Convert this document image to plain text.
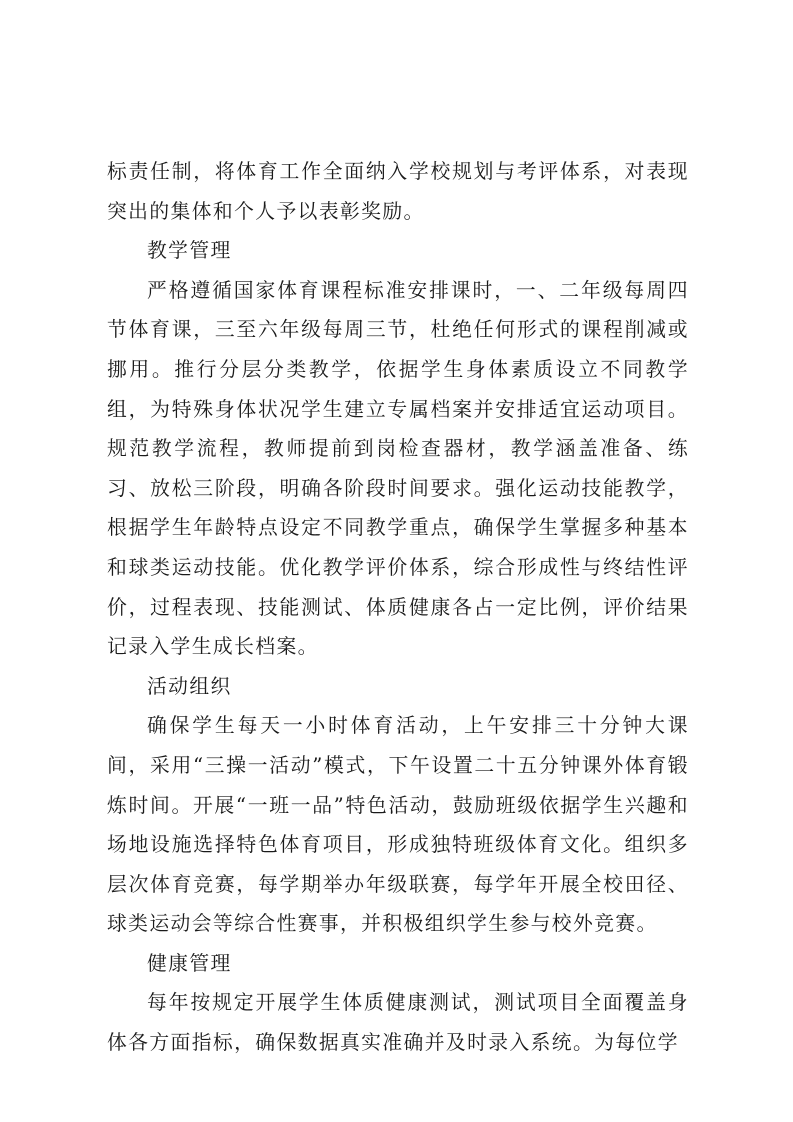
标责任制，将体育工作全面纳入学校规划与考评体系，对表现突出的集体和个人予以表彰奖励。

教学管理

严格遵循国家体育课程标准安排课时，一、二年级每周四节体育课，三至六年级每周三节，杜绝任何形式的课程削减或挪用。推行分层分类教学，依据学生身体素质设立不同教学组，为特殊身体状况学生建立专属档案并安排适宜运动项目。规范教学流程，教师提前到岗检查器材，教学涵盖准备、练习、放松三阶段，明确各阶段时间要求。强化运动技能教学，根据学生年龄特点设定不同教学重点，确保学生掌握多种基本和球类运动技能。优化教学评价体系，综合形成性与终结性评价，过程表现、技能测试、体质健康各占一定比例，评价结果记录入学生成长档案。

活动组织

确保学生每天一小时体育活动，上午安排三十分钟大课间，采用“三操一活动”模式，下午设置二十五分钟课外体育锻炼时间。开展“一班一品”特色活动，鼓励班级依据学生兴趣和场地设施选择特色体育项目，形成独特班级体育文化。组织多层次体育竞赛，每学期举办年级联赛，每学年开展全校田径、球类运动会等综合性赛事，并积极组织学生参与校外竞赛。

健康管理

每年按规定开展学生体质健康测试，测试项目全面覆盖身体各方面指标，确保数据真实准确并及时录入系统。为每位学
